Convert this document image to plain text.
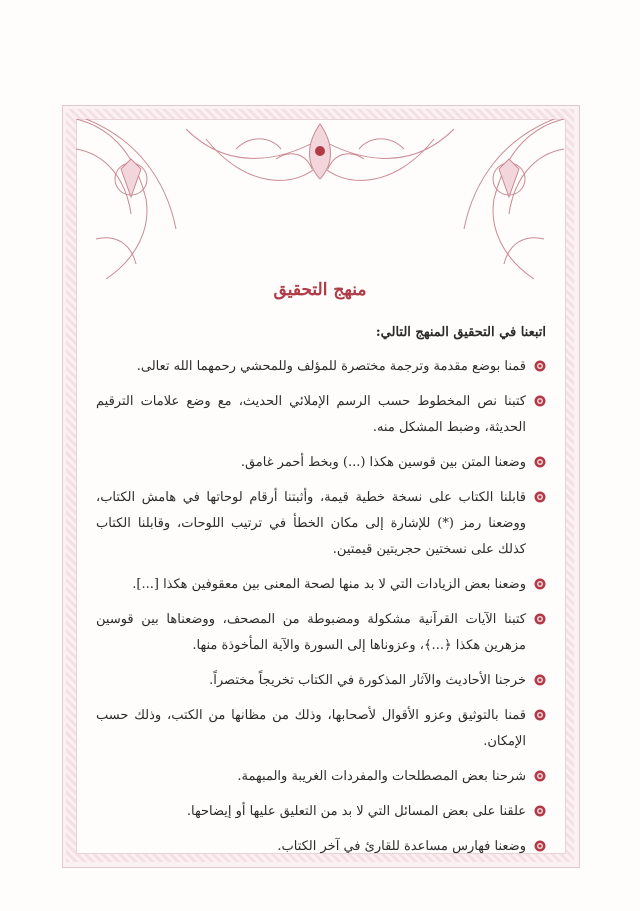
منهج التحقيق

اتبعنا في التحقيق المنهج التالي:

قمنا بوضع مقدمة وترجمة مختصرة للمؤلف وللمحشي رحمهما الله تعالى.
كتبنا نص المخطوط حسب الرسم الإملائي الحديث، مع وضع علامات الترقيم الحديثة، وضبط المشكل منه.
وضعنا المتن بين قوسين هكذا (...) وبخط أحمر غامق.
قابلنا الكتاب على نسخة خطية قيمة، وأثبتنا أرقام لوحاتها في هامش الكتاب، ووضعنا رمز (*) للإشارة إلى مكان الخطأ في ترتيب اللوحات، وقابلنا الكتاب كذلك على نسختين حجريتين قيمتين.
وضعنا بعض الزيادات التي لا بد منها لصحة المعنى بين معقوفين هكذا [...].
كتبنا الآيات القرآنية مشكولة ومضبوطة من المصحف، ووضعناها بين قوسين مزهرين هكذا ﴿...﴾، وعزوناها إلى السورة والآية المأخوذة منها.
خرجنا الأحاديث والآثار المذكورة في الكتاب تخريجاً مختصراً.
قمنا بالتوثيق وعزو الأقوال لأصحابها، وذلك من مظانها من الكتب، وذلك حسب الإمكان.
شرحنا بعض المصطلحات والمفردات الغريبة والمبهمة.
علقنا على بعض المسائل التي لا بد من التعليق عليها أو إيضاحها.
وضعنا فهارس مساعدة للقارئ في آخر الكتاب.
